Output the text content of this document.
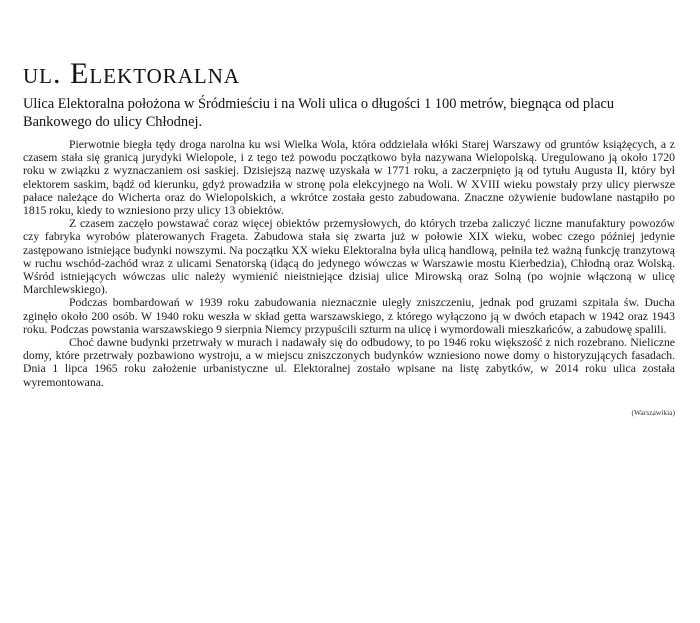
ul. Elektoralna

Ulica Elektoralna położona w Śródmieściu i na Woli ulica o długości 1 100 metrów, biegnąca od placu Bankowego do ulicy Chłodnej.

Pierwotnie biegła tędy droga narolna ku wsi Wielka Wola, która oddzielała włóki Starej Warszawy od gruntów książęcych, a z czasem stała się granicą jurydyki Wielopole, i z tego też powodu początkowo była nazywana Wielopolską. Uregulowano ją około 1720 roku w związku z wyznaczaniem osi saskiej. Dzisiejszą nazwę uzyskała w 1771 roku, a zaczerpnięto ją od tytułu Augusta II, który był elektorem saskim, bądź od kierunku, gdyż prowadziła w stronę pola elekcyjnego na Woli. W XVIII wieku powstały przy ulicy pierwsze pałace należące do Wicherta oraz do Wielopolskich, a wkrótce została gesto zabudowana. Znaczne ożywienie budowlane nastąpiło po 1815 roku, kiedy to wzniesiono przy ulicy 13 obiektów.

Z czasem zaczęło powstawać coraz więcej obiektów przemysłowych, do których trzeba zaliczyć liczne manufaktury powozów czy fabryka wyrobów platerowanych Frageta. Zabudowa stała się zwarta już w połowie XIX wieku, wobec czego później jedynie zastępowano istniejące budynki nowszymi. Na początku XX wieku Elektoralna była ulicą handlową, pełniła też ważną funkcję tranzytową w ruchu wschód-zachód wraz z ulicami Senatorską (idącą do jedynego wówczas w Warszawie mostu Kierbedzia), Chłodną oraz Wolską. Wśród istniejących wówczas ulic należy wymienić nieistniejące dzisiaj ulice Mirowską oraz Solną (po wojnie włączoną w ulicę Marchlewskiego).

Podczas bombardowań w 1939 roku zabudowania nieznacznie uległy zniszczeniu, jednak pod gruzami szpitala św. Ducha zginęło około 200 osób. W 1940 roku weszła w skład getta warszawskiego, z którego wyłączono ją w dwóch etapach w 1942 oraz 1943 roku. Podczas powstania warszawskiego 9 sierpnia Niemcy przypuścili szturm na ulicę i wymordowali mieszkańców, a zabudowę spalili.

Choć dawne budynki przetrwały w murach i nadawały się do odbudowy, to po 1946 roku większość z nich rozebrano. Nieliczne domy, które przetrwały pozbawiono wystroju, a w miejscu zniszczonych budynków wzniesiono nowe domy o historyzujących fasadach. Dnia 1 lipca 1965 roku założenie urbanistyczne ul. Elektoralnej zostało wpisane na listę zabytków, w 2014 roku ulica została wyremontowana.

(Warszawikia)
